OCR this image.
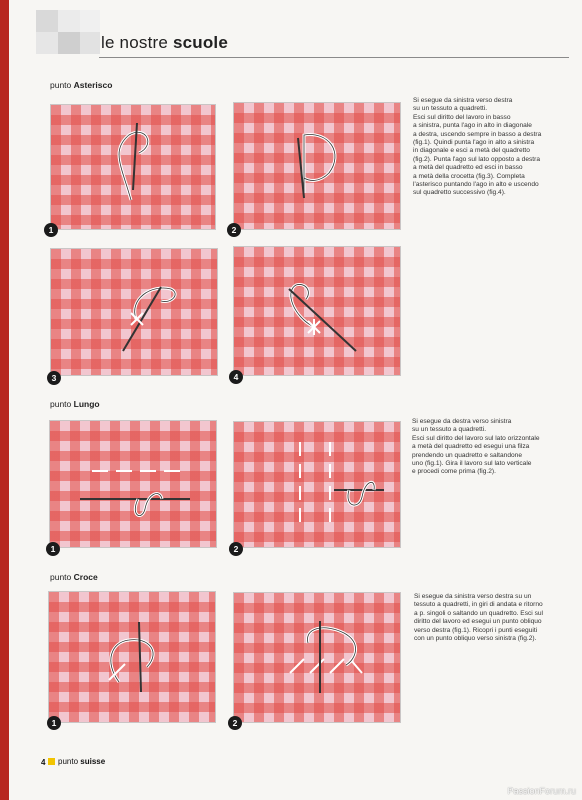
le nostre scuole
punto Asterisco
Si esegue da sinistra verso destra
su un tessuto a quadretti.
Esci sul diritto del lavoro in basso
a sinistra, punta l'ago in alto in diagonale
a destra, uscendo sempre in basso a destra
(fig.1). Quindi punta l'ago in alto a sinistra
in diagonale e esci a metà del quadretto
(fig.2). Punta l'ago sul lato opposto a destra
a metà del quadretto ed esci in basso
a metà della crocetta (fig.3). Completa
l'asterisco puntando l'ago in alto e uscendo
sul quadretto successivo (fig.4).
1	2
3	4
punto Lungo
Si esegue da destra verso sinistra
su un tessuto a quadretti.
Esci sul diritto del lavoro sul lato orizzontale
a metà del quadretto ed esegui una filza
prendendo un quadretto e saltandone
uno (fig.1). Gira il lavoro sul lato verticale
e procedi come prima (fig.2).
1	2
punto Croce
Si esegue da sinistra verso destra su un
tessuto a quadretti, in giri di andata e ritorno
a p. singoli o saltando un quadretto. Esci sul
diritto del lavoro ed esegui un punto obliquo
verso destra (fig.1). Ricopri i punti eseguiti
con un punto obliquo verso sinistra (fig.2).
1	2
4 punto suisse
PassionForum.ru
